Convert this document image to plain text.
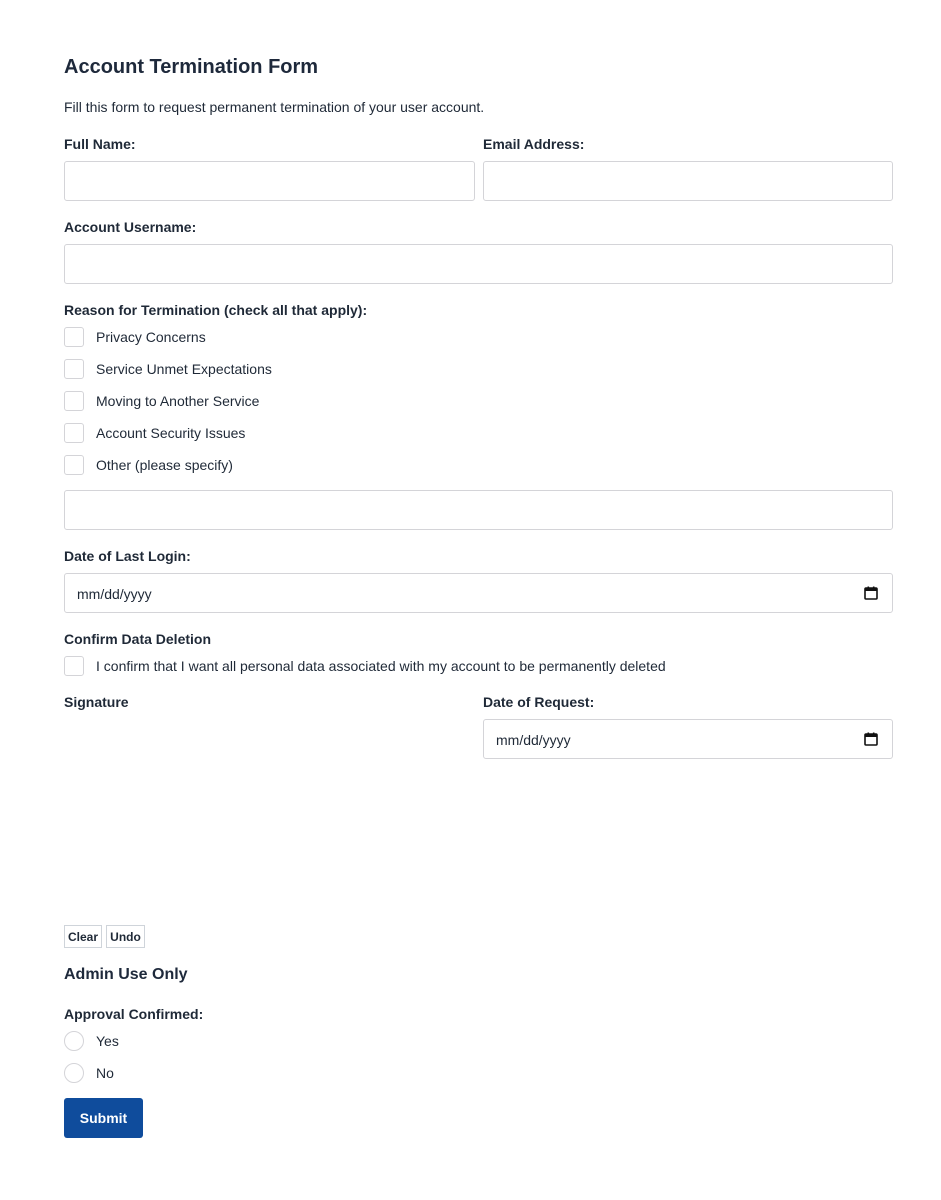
Account Termination Form
Fill this form to request permanent termination of your user account.
Full Name:	Email Address:
Account Username:
Reason for Termination (check all that apply):
Privacy Concerns
Service Unmet Expectations
Moving to Another Service
Account Security Issues
Other (please specify)
Date of Last Login:
mm/dd/yyyy
Confirm Data Deletion
I confirm that I want all personal data associated with my account to be permanently deleted
Signature	Date of Request:
mm/dd/yyyy
Clear	Undo
Admin Use Only
Approval Confirmed:
Yes
No
Submit
